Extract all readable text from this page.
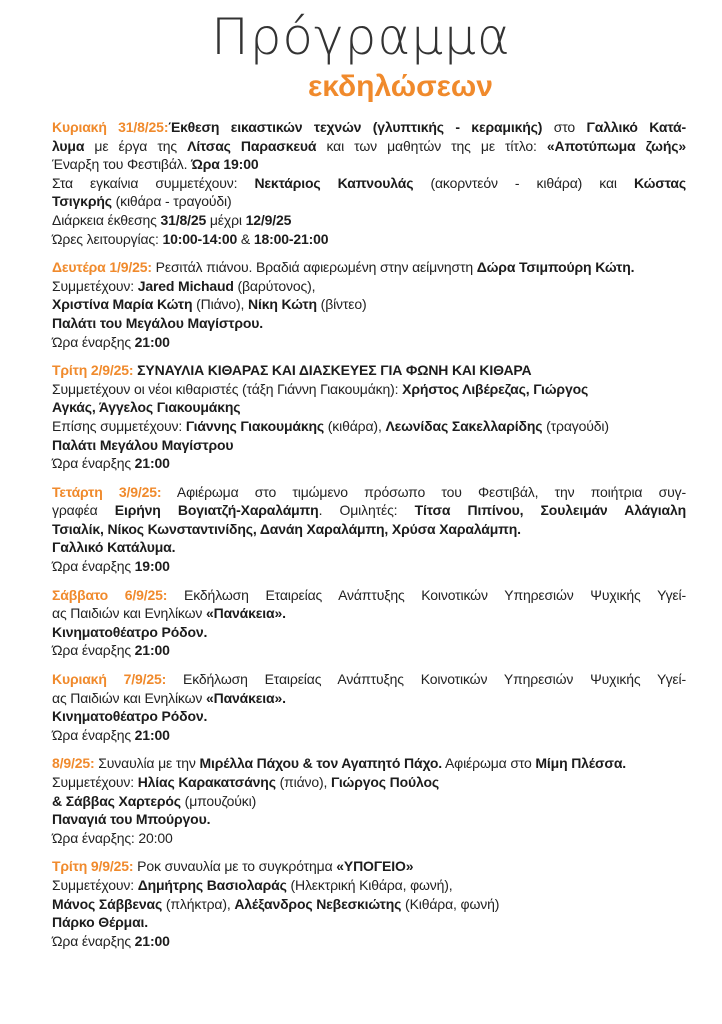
Πρόγραμμα
εκδηλώσεων

Κυριακή 31/8/25:Έκθεση εικαστικών τεχνών (γλυπτικής - κεραμικής) στο Γαλλικό Κατά-

λυμα με έργα της Λίτσας Παρασκευά και των μαθητών της με τίτλο: «Αποτύπωμα ζωής»

Έναρξη του Φεστιβάλ. Ώρα 19:00

Στα εγκαίνια συμμετέχουν: Νεκτάριος Καπνουλάς (ακορντεόν - κιθάρα) και Κώστας

Τσιγκρής (κιθάρα - τραγούδι)

Διάρκεια έκθεσης 31/8/25 μέχρι 12/9/25

Ώρες λειτουργίας: 10:00-14:00 & 18:00-21:00

Δευτέρα 1/9/25: Ρεσιτάλ πιάνου. Βραδιά αφιερωμένη στην αείμνηστη Δώρα Τσιμπούρη Κώτη.

Συμμετέχουν: Jared Michaud (βαρύτονος),

Χριστίνα Μαρία Κώτη (Πιάνο), Νίκη Κώτη (βίντεο)

Παλάτι του Μεγάλου Μαγίστρου.

Ώρα έναρξης 21:00

Τρίτη 2/9/25: ΣΥΝΑΥΛΙΑ ΚΙΘΑΡΑΣ ΚΑΙ ΔΙΑΣΚΕΥΕΣ ΓΙΑ ΦΩΝΗ ΚΑΙ ΚΙΘΑΡΑ

Συμμετέχουν οι νέοι κιθαριστές (τάξη Γιάννη Γιακουμάκη): Χρήστος Λιβέρεζας, Γιώργος

Αγκάς, Άγγελος Γιακουμάκης

Επίσης συμμετέχουν: Γιάννης Γιακουμάκης (κιθάρα), Λεωνίδας Σακελλαρίδης (τραγούδι)

Παλάτι Μεγάλου Μαγίστρου

Ώρα έναρξης 21:00

Τετάρτη 3/9/25: Αφιέρωμα στο τιμώμενο πρόσωπο του Φεστιβάλ, την ποιήτρια συγ-

γραφέα Ειρήνη Βογιατζή-Χαραλάμπη. Ομιλητές: Τίτσα Πιπίνου, Σουλειμάν Αλάγιαλη

Τσιαλίκ, Νίκος Κωνσταντινίδης, Δανάη Χαραλάμπη, Χρύσα Χαραλάμπη.

Γαλλικό Κατάλυμα.

Ώρα έναρξης 19:00

Σάββατο 6/9/25: Εκδήλωση Εταιρείας Ανάπτυξης Κοινοτικών Υπηρεσιών Ψυχικής Υγεί-

ας Παιδιών και Ενηλίκων «Πανάκεια».

Κινηματοθέατρο Ρόδον.

Ώρα έναρξης 21:00

Κυριακή 7/9/25: Εκδήλωση Εταιρείας Ανάπτυξης Κοινοτικών Υπηρεσιών Ψυχικής Υγεί-

ας Παιδιών και Ενηλίκων «Πανάκεια».

Κινηματοθέατρο Ρόδον.

Ώρα έναρξης 21:00

8/9/25: Συναυλία με την Μιρέλλα Πάχου & τον Αγαπητό Πάχο. Αφιέρωμα στο Μίμη Πλέσσα.

Συμμετέχουν: Ηλίας Καρακατσάνης (πιάνο), Γιώργος Πούλος

& Σάββας Χαρτερός (μπουζούκι)

Παναγιά του Μπούργου.

Ώρα έναρξης: 20:00

Τρίτη 9/9/25: Ροκ συναυλία με το συγκρότημα «ΥΠΟΓΕΙΟ»

Συμμετέχουν: Δημήτρης Βασιολαράς (Ηλεκτρική Κιθάρα, φωνή),

Μάνος Σάββενας (πλήκτρα), Αλέξανδρος Νεβεσκιώτης (Κιθάρα, φωνή)

Πάρκο Θέρμαι.

Ώρα έναρξης 21:00
